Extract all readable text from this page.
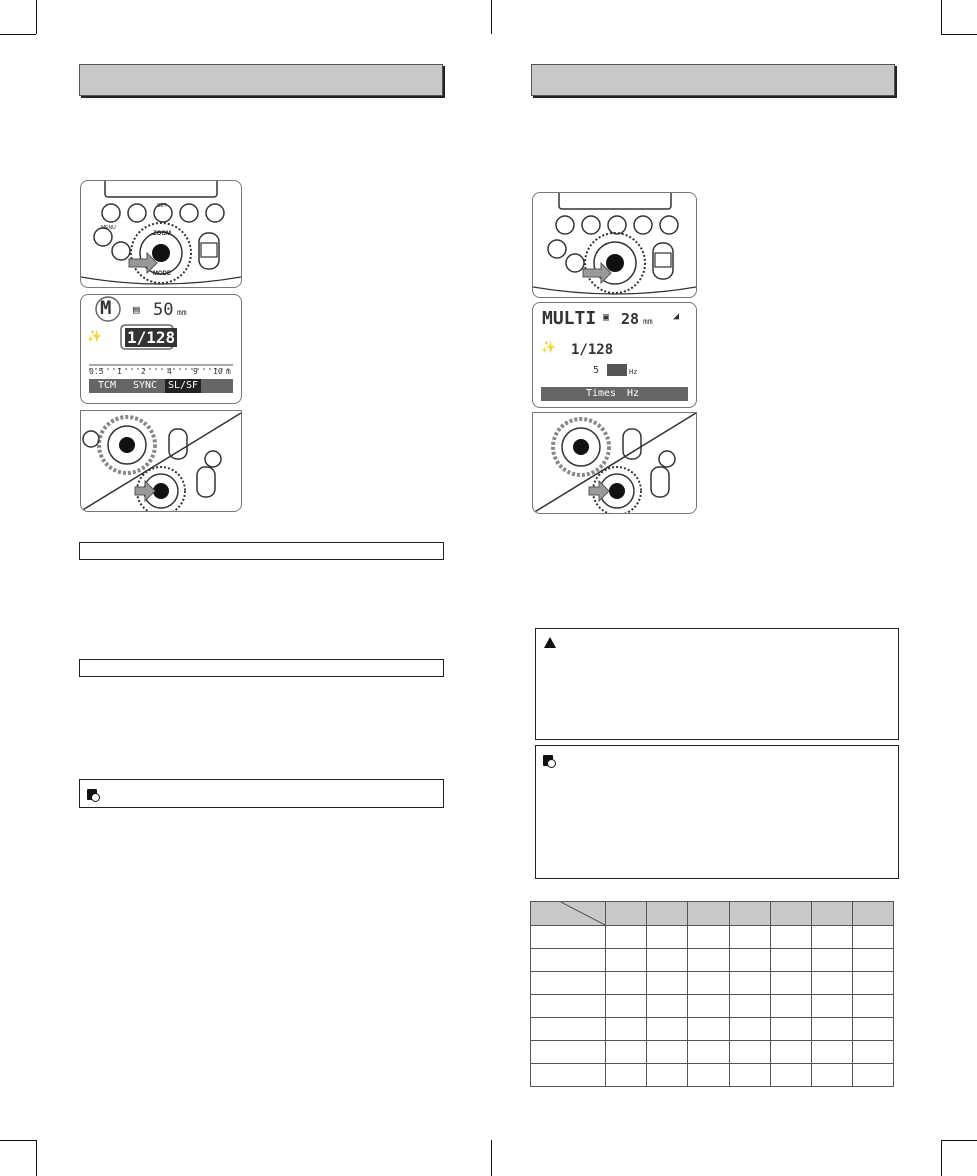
ZOOM
MODE
MENU
SET
M ▤ 50 mm
✨ 1/128
0.5 1 2	4	9 10 m
TCM	SYNC	SL/SF
MULTI ▣ 28 mm ◢
✨ 1/128
5	Hz
Times	Hz
